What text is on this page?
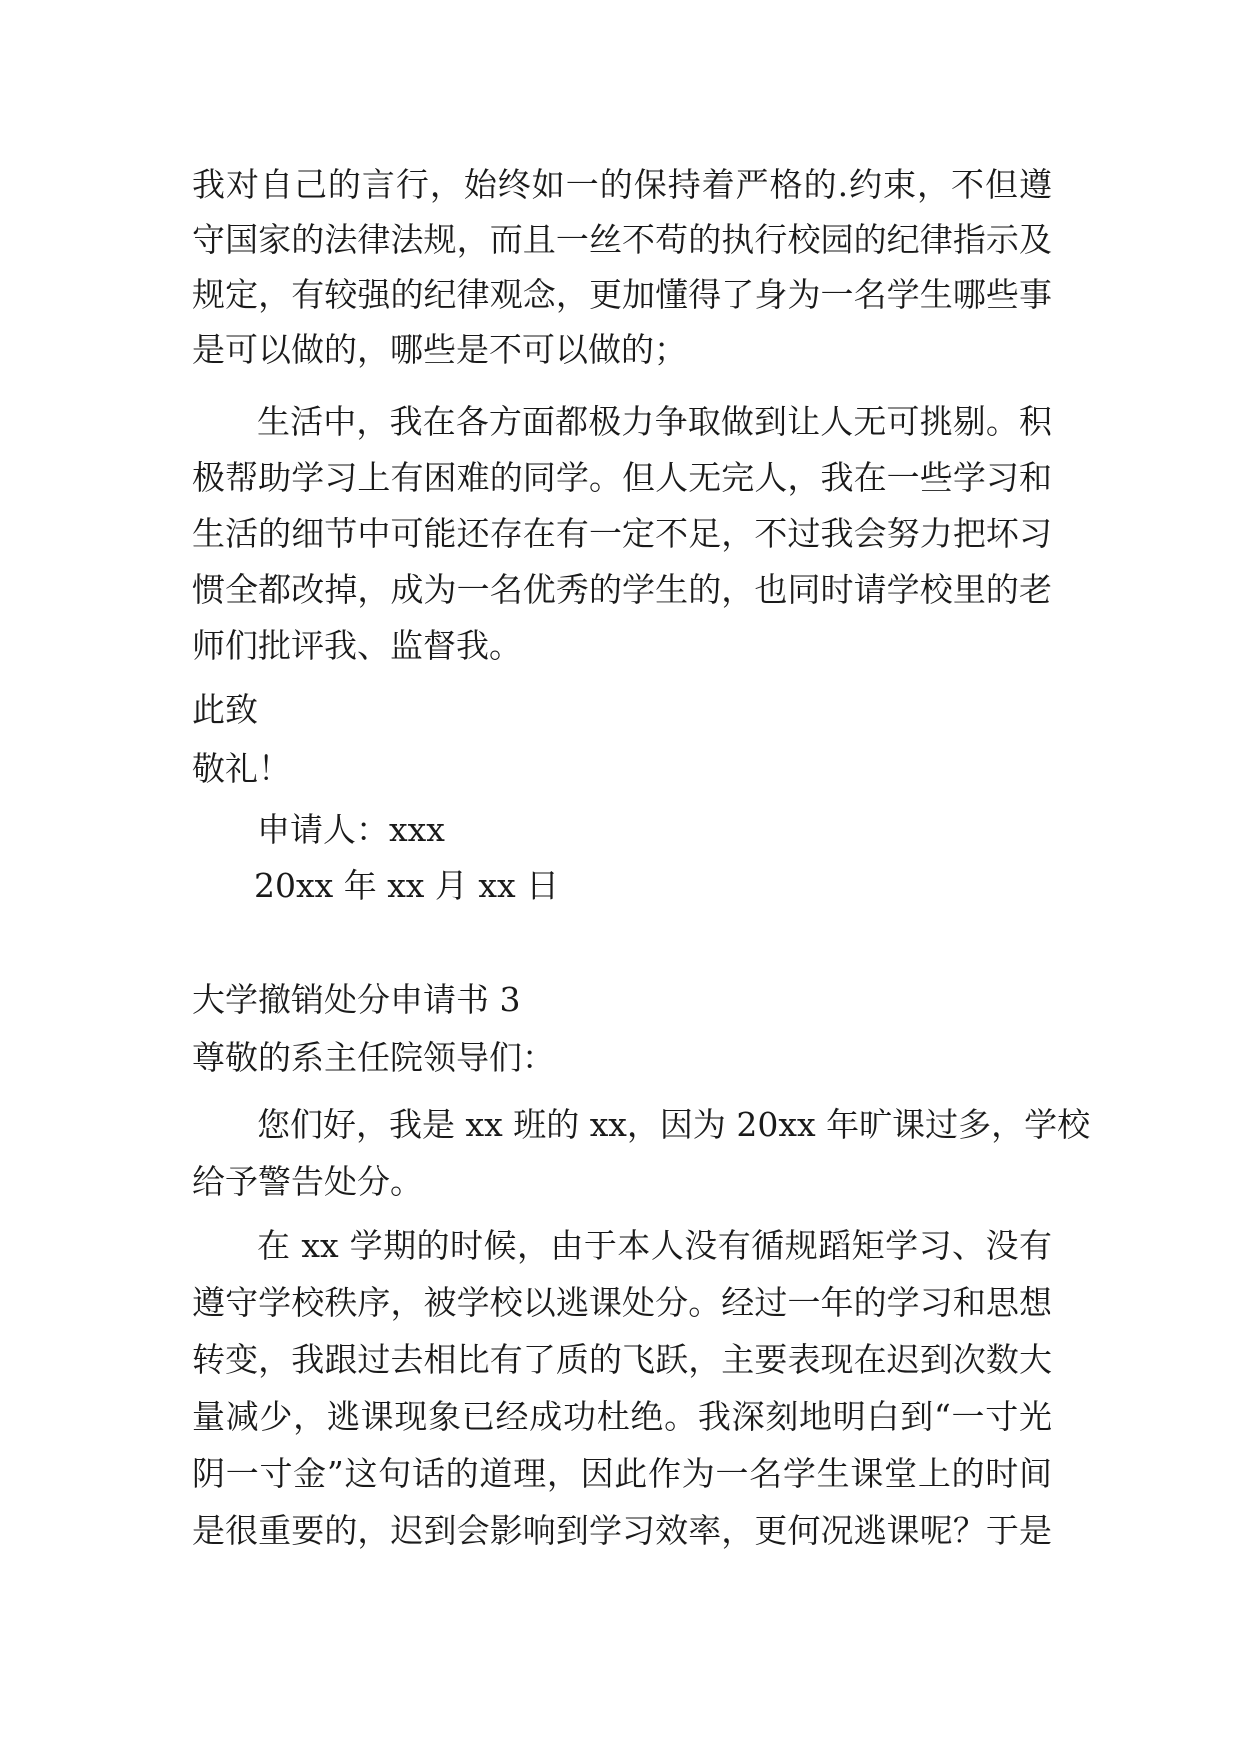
我对自己的言行，始终如一的保持着严格的.约束，不但遵
守国家的法律法规，而且一丝不苟的执行校园的纪律指示及
规定，有较强的纪律观念，更加懂得了身为一名学生哪些事
是可以做的，哪些是不可以做的；
生活中，我在各方面都极力争取做到让人无可挑剔。积
极帮助学习上有困难的同学。但人无完人，我在一些学习和
生活的细节中可能还存在有一定不足，不过我会努力把坏习
惯全都改掉，成为一名优秀的学生的，也同时请学校里的老
师们批评我、监督我。
此致
敬礼！
申请人：xxx
20xx 年 xx 月 xx 日
大学撤销处分申请书 3
尊敬的系主任院领导们：
您们好，我是 xx 班的 xx，因为 20xx 年旷课过多，学校
给予警告处分。
在 xx 学期的时候，由于本人没有循规蹈矩学习、没有
遵守学校秩序，被学校以逃课处分。经过一年的学习和思想
转变，我跟过去相比有了质的飞跃，主要表现在迟到次数大
量减少，逃课现象已经成功杜绝。我深刻地明白到“一寸光
阴一寸金”这句话的道理，因此作为一名学生课堂上的时间
是很重要的，迟到会影响到学习效率，更何况逃课呢？于是
